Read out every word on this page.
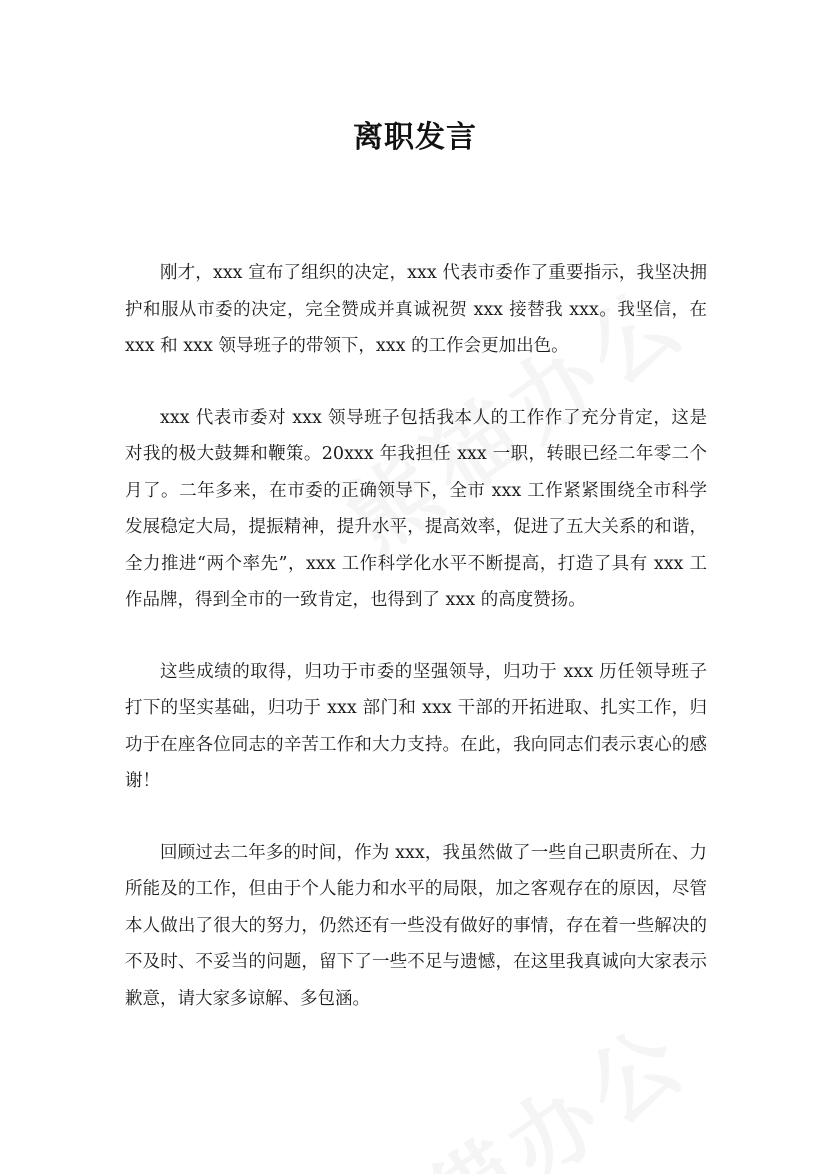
离职发言

刚才，xxx 宣布了组织的决定，xxx 代表市委作了重要指示，我坚决拥护和服从市委的决定，完全赞成并真诚祝贺 xxx 接替我 xxx。我坚信，在 xxx 和 xxx 领导班子的带领下，xxx 的工作会更加出色。

xxx 代表市委对 xxx 领导班子包括我本人的工作作了充分肯定，这是对我的极大鼓舞和鞭策。20xxx 年我担任 xxx 一职，转眼已经二年零二个月了。二年多来，在市委的正确领导下，全市 xxx 工作紧紧围绕全市科学发展稳定大局，提振精神，提升水平，提高效率，促进了五大关系的和谐，全力推进“两个率先”，xxx 工作科学化水平不断提高，打造了具有 xxx 工作品牌，得到全市的一致肯定，也得到了 xxx 的高度赞扬。

这些成绩的取得，归功于市委的坚强领导，归功于 xxx 历任领导班子打下的坚实基础，归功于 xxx 部门和 xxx 干部的开拓进取、扎实工作，归功于在座各位同志的辛苦工作和大力支持。在此，我向同志们表示衷心的感谢！

回顾过去二年多的时间，作为 xxx，我虽然做了一些自己职责所在、力所能及的工作，但由于个人能力和水平的局限，加之客观存在的原因，尽管本人做出了很大的努力，仍然还有一些没有做好的事情，存在着一些解决的不及时、不妥当的问题，留下了一些不足与遗憾，在这里我真诚向大家表示歉意，请大家多谅解、多包涵。
